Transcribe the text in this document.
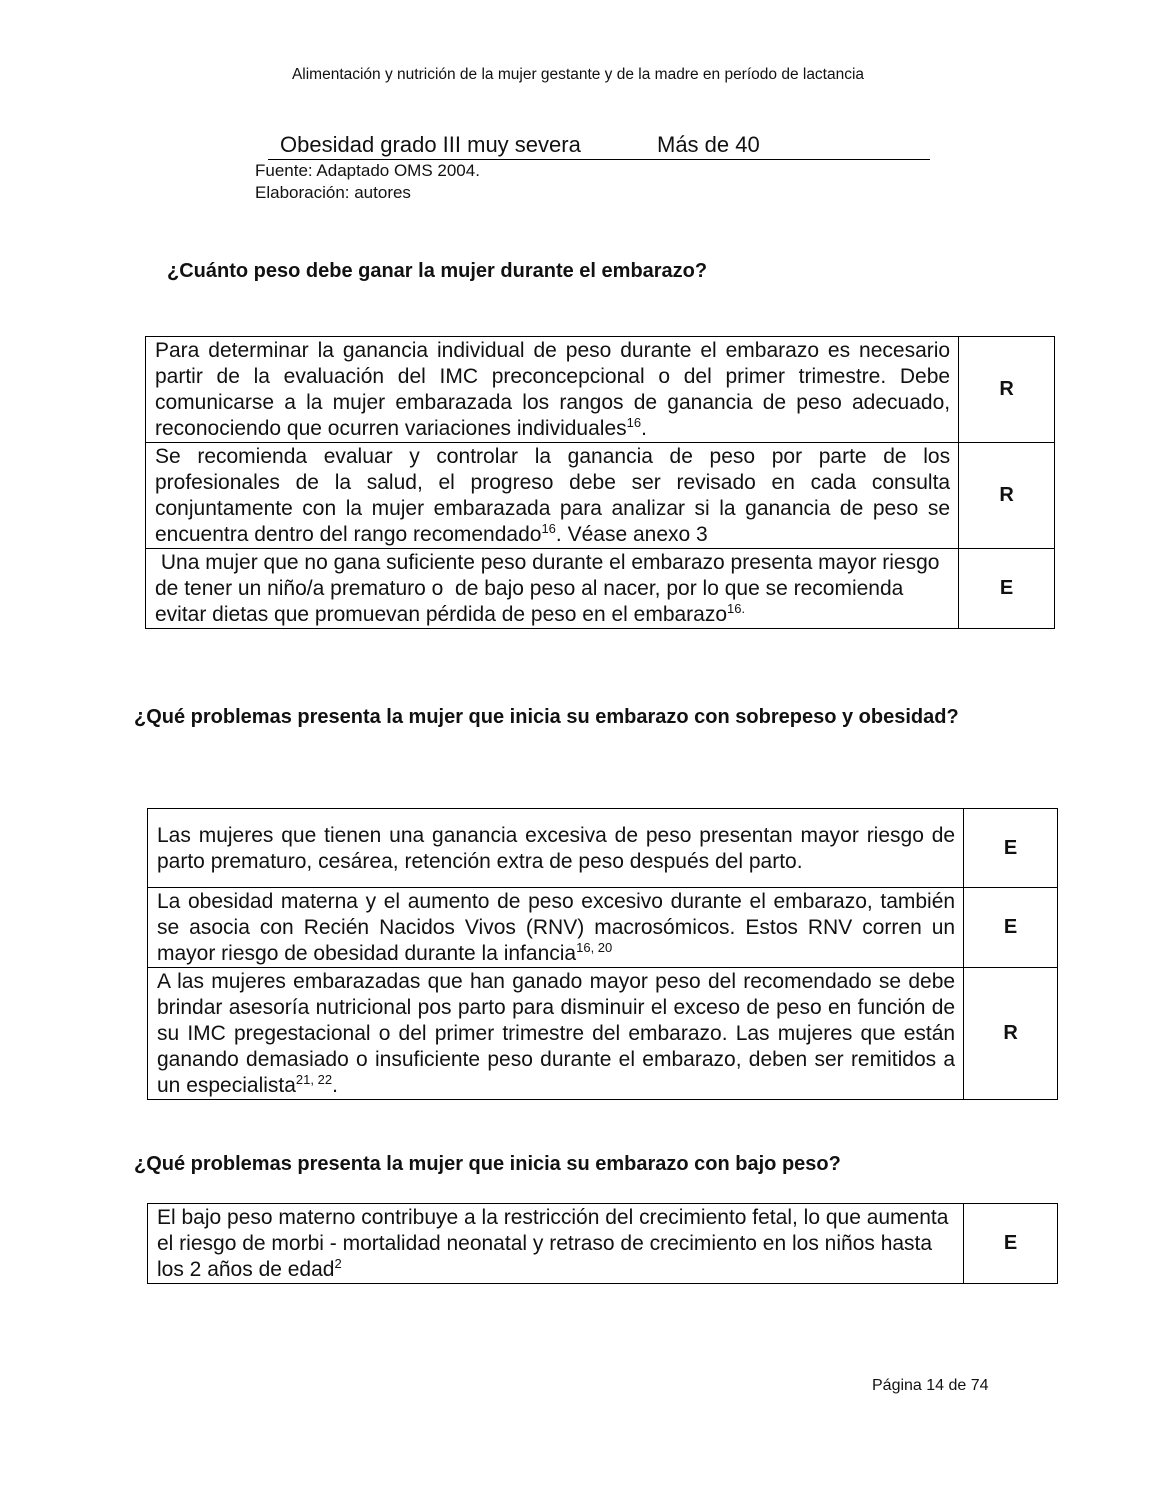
Alimentación y nutrición de la mujer gestante y de la madre en período de lactancia
Obesidad grado III muy severa	Más de 40
Fuente: Adaptado OMS 2004.
Elaboración: autores
¿Cuánto peso debe ganar la mujer durante el embarazo?
Para determinar la ganancia individual de peso durante el embarazo es necesario partir de la evaluación del IMC preconcepcional o del primer trimestre. Debe comunicarse a la mujer embarazada los rangos de ganancia de peso adecuado, reconociendo que ocurren variaciones individuales$^{16}$.	R
Se recomienda evaluar y controlar la ganancia de peso por parte de los profesionales de la salud, el progreso debe ser revisado en cada consulta conjuntamente con la mujer embarazada para analizar si la ganancia de peso se encuentra dentro del rango recomendado$^{16}$. Véase anexo 3	R
Una mujer que no gana suficiente peso durante el embarazo presenta mayor riesgo de tener un niño/a prematuro o  de bajo peso al nacer, por lo que se recomienda evitar dietas que promuevan pérdida de peso en el embarazo$^{16.}$	E
¿Qué problemas presenta la mujer que inicia su embarazo con sobrepeso y obesidad?
Las mujeres que tienen una ganancia excesiva de peso presentan mayor riesgo de parto prematuro, cesárea, retención extra de peso después del parto.	E
La obesidad materna y el aumento de peso excesivo durante el embarazo, también se asocia con Recién Nacidos Vivos (RNV) macrosómicos. Estos RNV corren un mayor riesgo de obesidad durante la infancia$^{16, 20}$	E
A las mujeres embarazadas que han ganado mayor peso del recomendado se debe brindar asesoría nutricional pos parto para disminuir el exceso de peso en función de su IMC pregestacional o del primer trimestre del embarazo. Las mujeres que están ganando demasiado o insuficiente peso durante el embarazo, deben ser remitidos a un especialista$^{21, 22}$.	R
¿Qué problemas presenta la mujer que inicia su embarazo con bajo peso?
El bajo peso materno contribuye a la restricción del crecimiento fetal, lo que aumenta el riesgo de morbi - mortalidad neonatal y retraso de crecimiento en los niños hasta los 2 años de edad$^2$	E
Página 14 de 74
